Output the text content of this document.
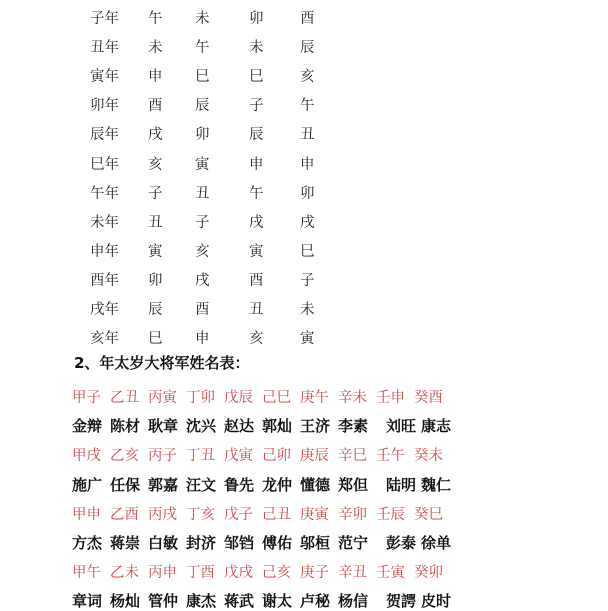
子年 午 未	卯	酉
丑年 未 午	未	辰
寅年 申 巳	巳	亥
卯年 酉 辰	子	午
辰年 戌 卯	辰	丑
巳年 亥 寅	申	申
午年 子 丑	午	卯
未年 丑 子	戌	戌
申年 寅 亥	寅	巳
酉年 卯 戌	酉	子
戌年 辰 酉	丑	未
亥年 巳 申	亥	寅
2、年太岁大将军姓名表：
甲子 乙丑 丙寅 丁卯 戊辰 己巳 庚午 辛未 壬申 癸酉
金辩 陈材 耿章 沈兴 赵达 郭灿 王济 李素 刘旺 康志
甲戌 乙亥 丙子 丁丑 戊寅 己卯 庚辰 辛巳 壬午 癸未
施广 任保 郭嘉 汪文 鲁先 龙仲 懂德 郑但 陆明 魏仁
甲申 乙酉 丙戌 丁亥 戊子 己丑 庚寅 辛卯 壬辰 癸巳
方杰 蒋崇 白敏 封济 邹铛 傅佑 邬桓 范宁 彭泰 徐单
甲午 乙未 丙申 丁酉 戊戌 己亥 庚子 辛丑 壬寅 癸卯
章词 杨灿 管仲 康杰 蒋武 谢太 卢秘 杨信 贺諤 皮时
